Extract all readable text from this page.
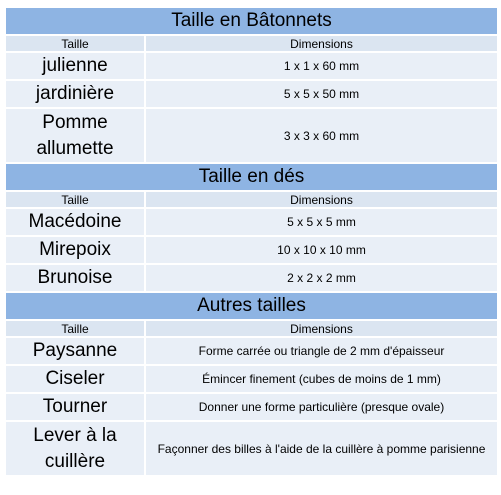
Taille en Bâtonnets	
Taille	Dimensions
julienne	1 x 1 x 60 mm
jardinière	5 x 5 x 50 mm
Pomme allumette	3 x 3 x 60 mm
Taille en dés	
Taille	Dimensions
Macédoine	5 x 5 x 5 mm
Mirepoix	10 x 10 x 10 mm
Brunoise	2 x 2 x 2 mm
Autres tailles	
Taille	Dimensions
Paysanne	Forme carrée ou triangle de 2 mm d'épaisseur
Ciseler	Émincer finement (cubes de moins de 1 mm)
Tourner	Donner une forme particulière (presque ovale)
Lever à la cuillère	Façonner des billes à l'aide de la cuillère à pomme parisienne
